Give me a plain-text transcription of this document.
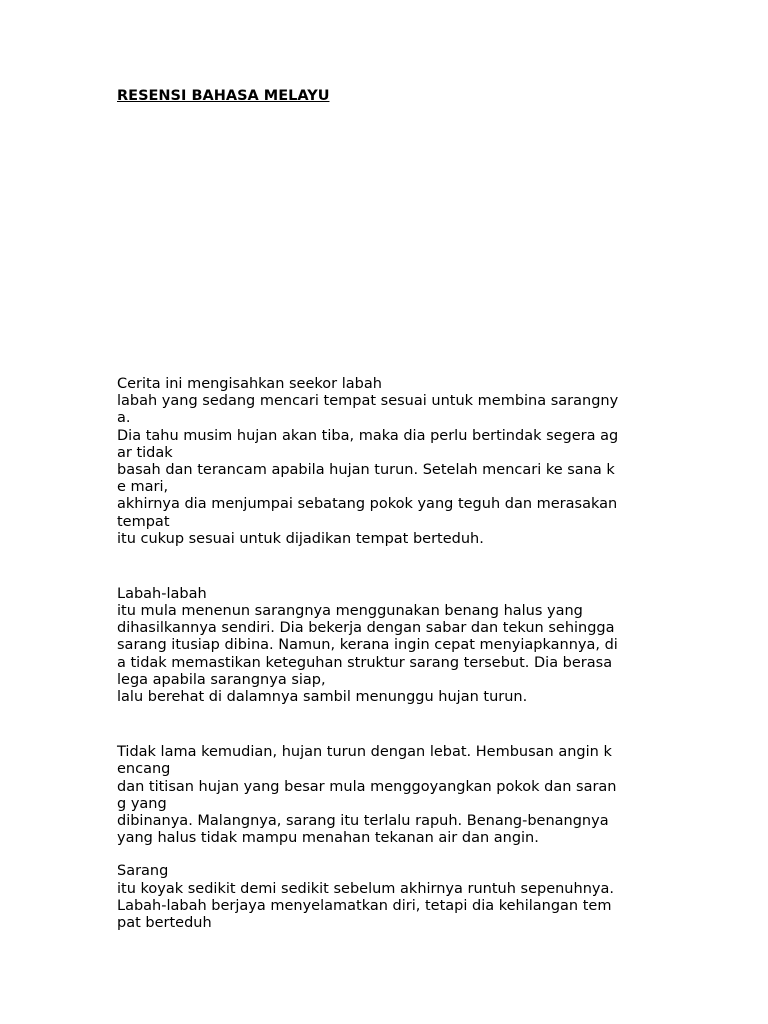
RESENSI BAHASA MELAYU
Cerita ini mengisahkan seekor labah
labah yang sedang mencari tempat sesuai untuk membina sarangny
a.
Dia tahu musim hujan akan tiba, maka dia perlu bertindak segera ag
ar tidak
basah dan terancam apabila hujan turun. Setelah mencari ke sana k
e mari,
akhirnya dia menjumpai sebatang pokok yang teguh dan merasakan
tempat
itu cukup sesuai untuk dijadikan tempat berteduh.
Labah-labah
itu mula menenun sarangnya menggunakan benang halus yang
dihasilkannya sendiri. Dia bekerja dengan sabar dan tekun sehingga
sarang itusiap dibina. Namun, kerana ingin cepat menyiapkannya, di
a tidak memastikan keteguhan struktur sarang tersebut. Dia berasa
lega apabila sarangnya siap,
lalu berehat di dalamnya sambil menunggu hujan turun.
Tidak lama kemudian, hujan turun dengan lebat. Hembusan angin k
encang
dan titisan hujan yang besar mula menggoyangkan pokok dan saran
g yang
dibinanya. Malangnya, sarang itu terlalu rapuh. Benang-benangnya
yang halus tidak mampu menahan tekanan air dan angin.
Sarang
itu koyak sedikit demi sedikit sebelum akhirnya runtuh sepenuhnya.
Labah-labah berjaya menyelamatkan diri, tetapi dia kehilangan tem
pat berteduh
